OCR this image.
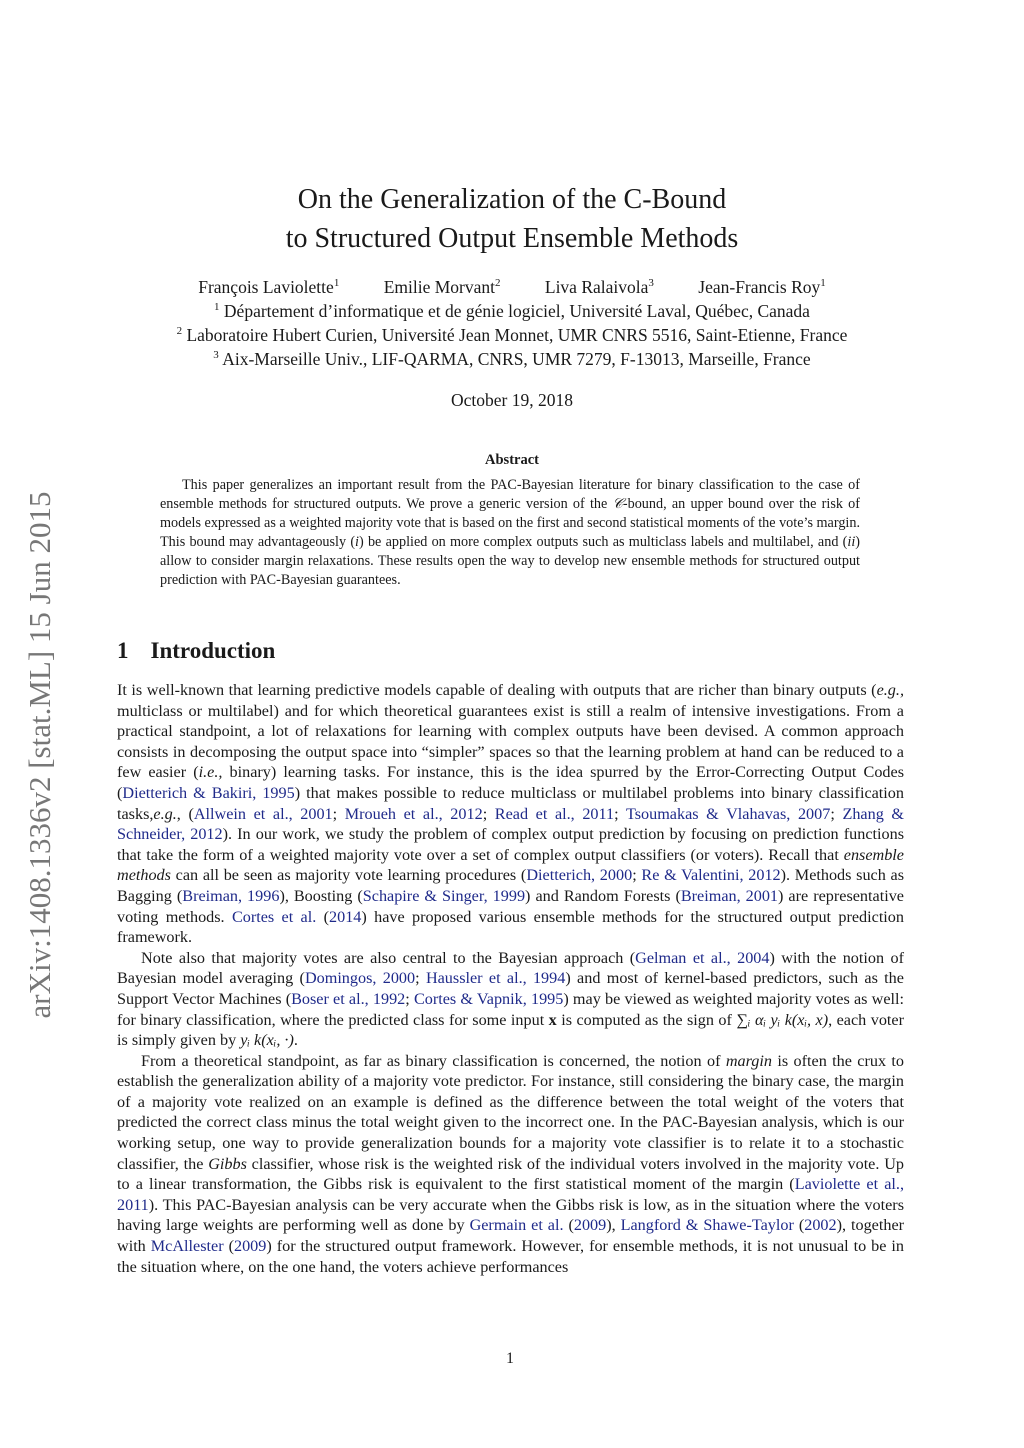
arXiv:1408.1336v2 [stat.ML] 15 Jun 2015
On the Generalization of the C-Bound
to Structured Output Ensemble Methods
François Laviolette$^1$	Emilie Morvant$^2$	Liva Ralaivola$^3$	Jean-Francis Roy$^1$
$^1$ Département d’informatique et de génie logiciel, Université Laval, Québec, Canada
$^2$ Laboratoire Hubert Curien, Université Jean Monnet, UMR CNRS 5516, Saint-Etienne, France
$^3$ Aix-Marseille Univ., LIF-QARMA, CNRS, UMR 7279, F-13013, Marseille, France
October 19, 2018
Abstract
This paper generalizes an important result from the PAC-Bayesian literature for binary classification to the case of ensemble methods for structured outputs. We prove a generic version of the 𝒞-bound, an upper bound over the risk of models expressed as a weighted majority vote that is based on the first and second statistical moments of the vote’s margin. This bound may advantageously (i) be applied on more complex outputs such as multiclass labels and multilabel, and (ii) allow to consider margin relaxations. These results open the way to develop new ensemble methods for structured output prediction with PAC-Bayesian guarantees.
1 Introduction

It is well-known that learning predictive models capable of dealing with outputs that are richer than binary outputs (e.g., multiclass or multilabel) and for which theoretical guarantees exist is still a realm of intensive investigations. From a practical standpoint, a lot of relaxations for learning with complex outputs have been devised. A common approach consists in decomposing the output space into “simpler” spaces so that the learning problem at hand can be reduced to a few easier (i.e., binary) learning tasks. For instance, this is the idea spurred by the Error-Correcting Output Codes (Dietterich & Bakiri, 1995) that makes possible to reduce multiclass or multilabel problems into binary classification tasks,e.g., (Allwein et al., 2001; Mroueh et al., 2012; Read et al., 2011; Tsoumakas & Vlahavas, 2007; Zhang & Schneider, 2012). In our work, we study the problem of complex output prediction by focusing on prediction functions that take the form of a weighted majority vote over a set of complex output classifiers (or voters). Recall that ensemble methods can all be seen as majority vote learning procedures (Dietterich, 2000; Re & Valentini, 2012). Methods such as Bagging (Breiman, 1996), Boosting (Schapire & Singer, 1999) and Random Forests (Breiman, 2001) are representative voting methods. Cortes et al. (2014) have proposed various ensemble methods for the structured output prediction framework.

Note also that majority votes are also central to the Bayesian approach (Gelman et al., 2004) with the notion of Bayesian model averaging (Domingos, 2000; Haussler et al., 1994) and most of kernel-based predictors, such as the Support Vector Machines (Boser et al., 1992; Cortes & Vapnik, 1995) may be viewed as weighted majority votes as well: for binary classification, where the predicted class for some input x is computed as the sign of ∑ᵢ αᵢ yᵢ k(xᵢ, x), each voter is simply given by yᵢ k(xᵢ, ·).

From a theoretical standpoint, as far as binary classification is concerned, the notion of margin is often the crux to establish the generalization ability of a majority vote predictor. For instance, still considering the binary case, the margin of a majority vote realized on an example is defined as the difference between the total weight of the voters that predicted the correct class minus the total weight given to the incorrect one. In the PAC-Bayesian analysis, which is our working setup, one way to provide generalization bounds for a majority vote classifier is to relate it to a stochastic classifier, the Gibbs classifier, whose risk is the weighted risk of the individual voters involved in the majority vote. Up to a linear transformation, the Gibbs risk is equivalent to the first statistical moment of the margin (Laviolette et al., 2011). This PAC-Bayesian analysis can be very accurate when the Gibbs risk is low, as in the situation where the voters having large weights are performing well as done by Germain et al. (2009), Langford & Shawe-Taylor (2002), together with McAllester (2009) for the structured output framework. However, for ensemble methods, it is not unusual to be in the situation where, on the one hand, the voters achieve performances

1
